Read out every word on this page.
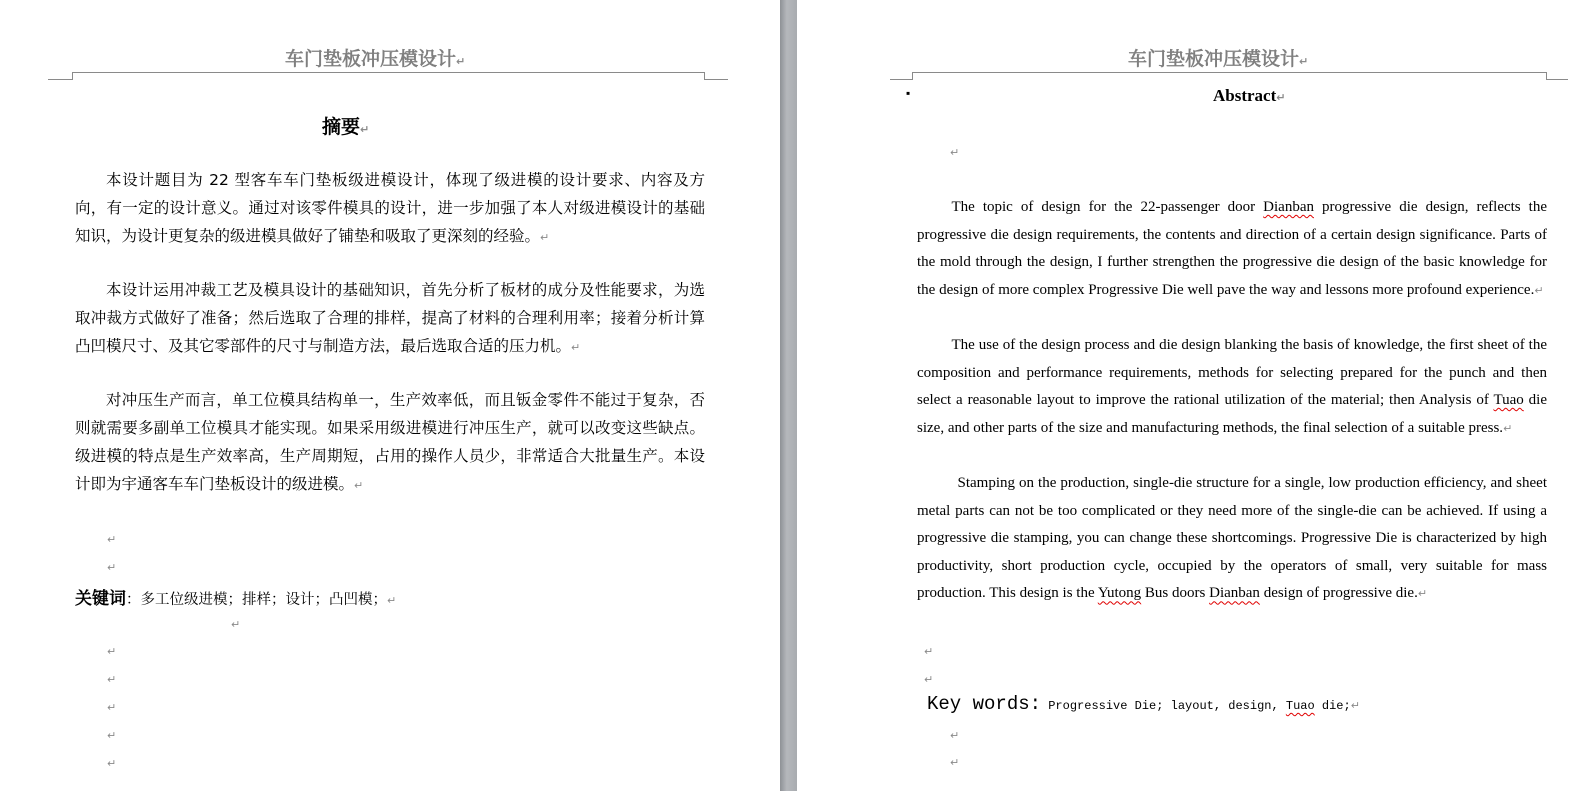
车门垫板冲压模设计↵
摘要↵

本设计题目为 22 型客车车门垫板级进模设计，体现了级进模的设计要求、内容及方向，有一定的设计意义。通过对该零件模具的设计，进一步加强了本人对级进模设计的基础知识，为设计更复杂的级进模具做好了铺垫和吸取了更深刻的经验。↵

本设计运用冲裁工艺及模具设计的基础知识，首先分析了板材的成分及性能要求，为选取冲裁方式做好了准备；然后选取了合理的排样，提高了材料的合理利用率；接着分析计算凸凹模尺寸、及其它零部件的尺寸与制造方法，最后选取合适的压力机。↵

对冲压生产而言，单工位模具结构单一，生产效率低，而且钣金零件不能过于复杂，否则就需要多副单工位模具才能实现。如果采用级进模进行冲压生产，就可以改变这些缺点。级进模的特点是生产效率高，生产周期短，占用的操作人员少，非常适合大批量生产。本设计即为宇通客车车门垫板设计的级进模。↵

↵
↵
关键词：多工位级进模；排样；设计；凸凹模；↵
↵
↵
↵
↵
↵
↵
车门垫板冲压模设计↵
▪	Abstract↵
↵

The topic of design for the 22-passenger door Dianban progressive die design, reflects the progressive die design requirements, the contents and direction of a certain design significance. Parts of the mold through the design, I further strengthen the progressive die design of the basic knowledge for the design of more complex Progressive Die well pave the way and lessons more profound experience.↵

The use of the design process and die design blanking the basis of knowledge, the first sheet of the composition and performance requirements, methods for selecting prepared for the punch and then select a reasonable layout to improve the rational utilization of the material; then Analysis of Tuao die size, and other parts of the size and manufacturing methods, the final selection of a suitable press.↵

Stamping on the production, single-die structure for a single, low production efficiency, and sheet metal parts can not be too complicated or they need more of the single-die can be achieved. If using a progressive die stamping, you can change these shortcomings. Progressive Die is characterized by high productivity, short production cycle, occupied by the operators of small, very suitable for mass production. This design is the Yutong Bus doors Dianban design of progressive die.↵

↵
↵
Key words: Progressive Die; layout, design, Tuao die;↵
↵
↵
